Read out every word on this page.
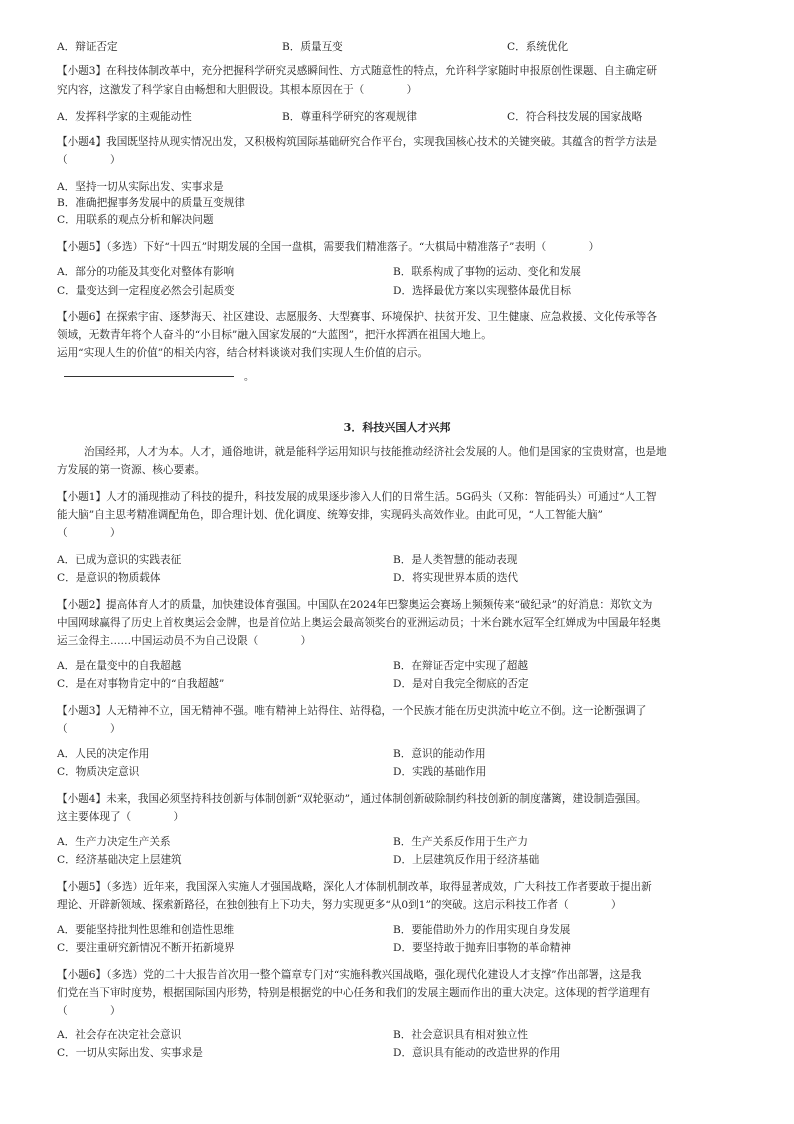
A．辩证否定	B．质量互变	C．系统优化
【小题3】在科技体制改革中，充分把握科学研究灵感瞬间性、方式随意性的特点，允许科学家随时申报原创性课题、自主确定研
究内容，这激发了科学家自由畅想和大胆假设。其根本原因在于（　　　　）
A．发挥科学家的主观能动性	B．尊重科学研究的客观规律	C．符合科技发展的国家战略
【小题4】我国既坚持从现实情况出发，又积极构筑国际基础研究合作平台，实现我国核心技术的关键突破。其蕴含的哲学方法是
（　　　　）
A．坚持一切从实际出发、实事求是
B．准确把握事务发展中的质量互变规律
C．用联系的观点分析和解决问题
【小题5】（多选）下好“十四五”时期发展的全国一盘棋，需要我们精准落子。“大棋局中精准落子”表明（　　　　）
A．部分的功能及其变化对整体有影响	B．联系构成了事物的运动、变化和发展
C．量变达到一定程度必然会引起质变	D．选择最优方案以实现整体最优目标
【小题6】在探索宇宙、逐梦海天、社区建设、志愿服务、大型赛事、环境保护、扶贫开发、卫生健康、应急救援、文化传承等各
领域，无数青年将个人奋斗的“小目标”融入国家发展的“大蓝图”，把汗水挥洒在祖国大地上。
运用“实现人生的价值”的相关内容，结合材料谈谈对我们实现人生价值的启示。
。
3．科技兴国人才兴邦
治国经邦，人才为本。人才，通俗地讲，就是能科学运用知识与技能推动经济社会发展的人。他们是国家的宝贵财富，也是地
方发展的第一资源、核心要素。
【小题1】人才的涌现推动了科技的提升，科技发展的成果逐步渗入人们的日常生活。5G码头（又称：智能码头）可通过“人工智
能大脑”自主思考精准调配角色，即合理计划、优化调度、统筹安排，实现码头高效作业。由此可见，“人工智能大脑”
（　　　　）
A．已成为意识的实践表征	B．是人类智慧的能动表现
C．是意识的物质载体	D．将实现世界本质的迭代
【小题2】提高体育人才的质量，加快建设体育强国。中国队在2024年巴黎奥运会赛场上频频传来“破纪录”的好消息：郑钦文为
中国网球赢得了历史上首枚奥运会金牌，也是首位站上奥运会最高领奖台的亚洲运动员；十米台跳水冠军全红婵成为中国最年轻奥
运三金得主……中国运动员不为自己设限（　　　　）
A．是在量变中的自我超越	B．在辩证否定中实现了超越
C．是在对事物肯定中的“自我超越”	D．是对自我完全彻底的否定
【小题3】人无精神不立，国无精神不强。唯有精神上站得住、站得稳，一个民族才能在历史洪流中屹立不倒。这一论断强调了
（　　　　）
A．人民的决定作用	B．意识的能动作用
C．物质决定意识	D．实践的基础作用
【小题4】未来，我国必须坚持科技创新与体制创新“双轮驱动”，通过体制创新破除制约科技创新的制度藩篱，建设制造强国。
这主要体现了（　　　　）
A．生产力决定生产关系	B．生产关系反作用于生产力
C．经济基础决定上层建筑	D．上层建筑反作用于经济基础
【小题5】（多选）近年来，我国深入实施人才强国战略，深化人才体制机制改革，取得显著成效，广大科技工作者要敢于提出新
理论、开辟新领域、探索新路径，在独创独有上下功夫，努力实现更多“从0到1”的突破。这启示科技工作者（　　　　）
A．要能坚持批判性思维和创造性思维	B．要能借助外力的作用实现自身发展
C．要注重研究新情况不断开拓新境界	D．要坚持敢于抛弃旧事物的革命精神
【小题6】（多选）党的二十大报告首次用一整个篇章专门对“实施科教兴国战略，强化现代化建设人才支撑”作出部署，这是我
们党在当下审时度势，根据国际国内形势，特别是根据党的中心任务和我们的发展主题而作出的重大决定。这体现的哲学道理有
（　　　　）
A．社会存在决定社会意识	B．社会意识具有相对独立性
C．一切从实际出发、实事求是	D．意识具有能动的改造世界的作用
